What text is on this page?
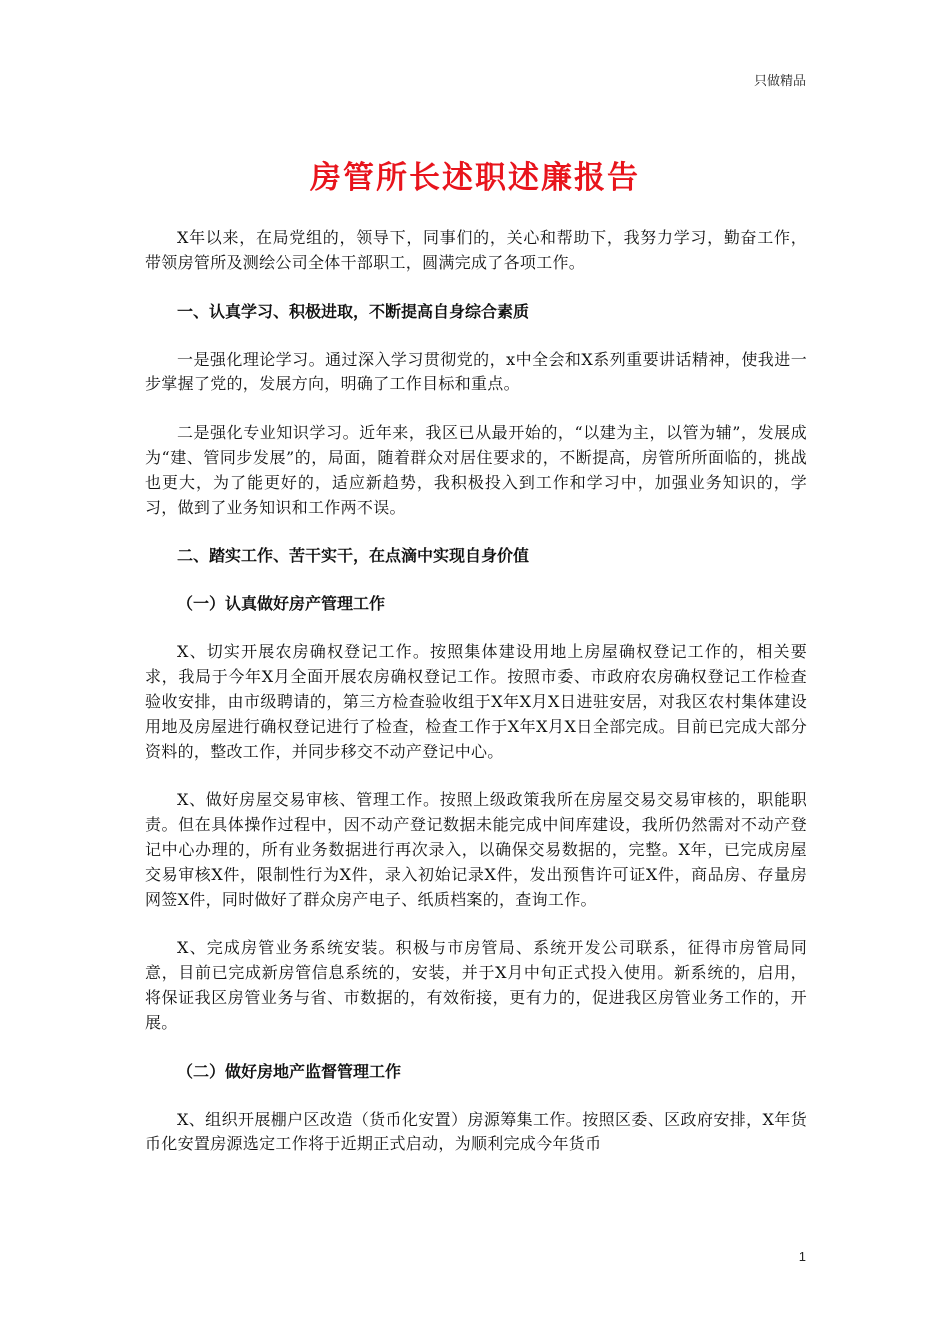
只做精品
房管所长述职述廉报告

X年以来，在局党组的，领导下，同事们的，关心和帮助下，我努力学习，勤奋工作，带领房管所及测绘公司全体干部职工，圆满完成了各项工作。

一、认真学习、积极进取，不断提高自身综合素质

一是强化理论学习。通过深入学习贯彻党的，x中全会和X系列重要讲话精神，使我进一步掌握了党的，发展方向，明确了工作目标和重点。

二是强化专业知识学习。近年来，我区已从最开始的，“以建为主，以管为辅”，发展成为“建、管同步发展”的，局面，随着群众对居住要求的，不断提高，房管所所面临的，挑战也更大，为了能更好的，适应新趋势，我积极投入到工作和学习中，加强业务知识的，学习，做到了业务知识和工作两不误。

二、踏实工作、苦干实干，在点滴中实现自身价值

（一）认真做好房产管理工作

X、切实开展农房确权登记工作。按照集体建设用地上房屋确权登记工作的，相关要求，我局于今年X月全面开展农房确权登记工作。按照市委、市政府农房确权登记工作检查验收安排，由市级聘请的，第三方检查验收组于X年X月X日进驻安居，对我区农村集体建设用地及房屋进行确权登记进行了检查，检查工作于X年X月X日全部完成。目前已完成大部分资料的，整改工作，并同步移交不动产登记中心。

X、做好房屋交易审核、管理工作。按照上级政策我所在房屋交易交易审核的，职能职责。但在具体操作过程中，因不动产登记数据未能完成中间库建设，我所仍然需对不动产登记中心办理的，所有业务数据进行再次录入，以确保交易数据的，完整。X年，已完成房屋交易审核X件，限制性行为X件，录入初始记录X件，发出预售许可证X件，商品房、存量房网签X件，同时做好了群众房产电子、纸质档案的，查询工作。

X、完成房管业务系统安装。积极与市房管局、系统开发公司联系，征得市房管局同意，目前已完成新房管信息系统的，安装，并于X月中旬正式投入使用。新系统的，启用，将保证我区房管业务与省、市数据的，有效衔接，更有力的，促进我区房管业务工作的，开展。

（二）做好房地产监督管理工作

X、组织开展棚户区改造（货币化安置）房源筹集工作。按照区委、区政府安排，X年货币化安置房源选定工作将于近期正式启动，为顺利完成今年货币

1
